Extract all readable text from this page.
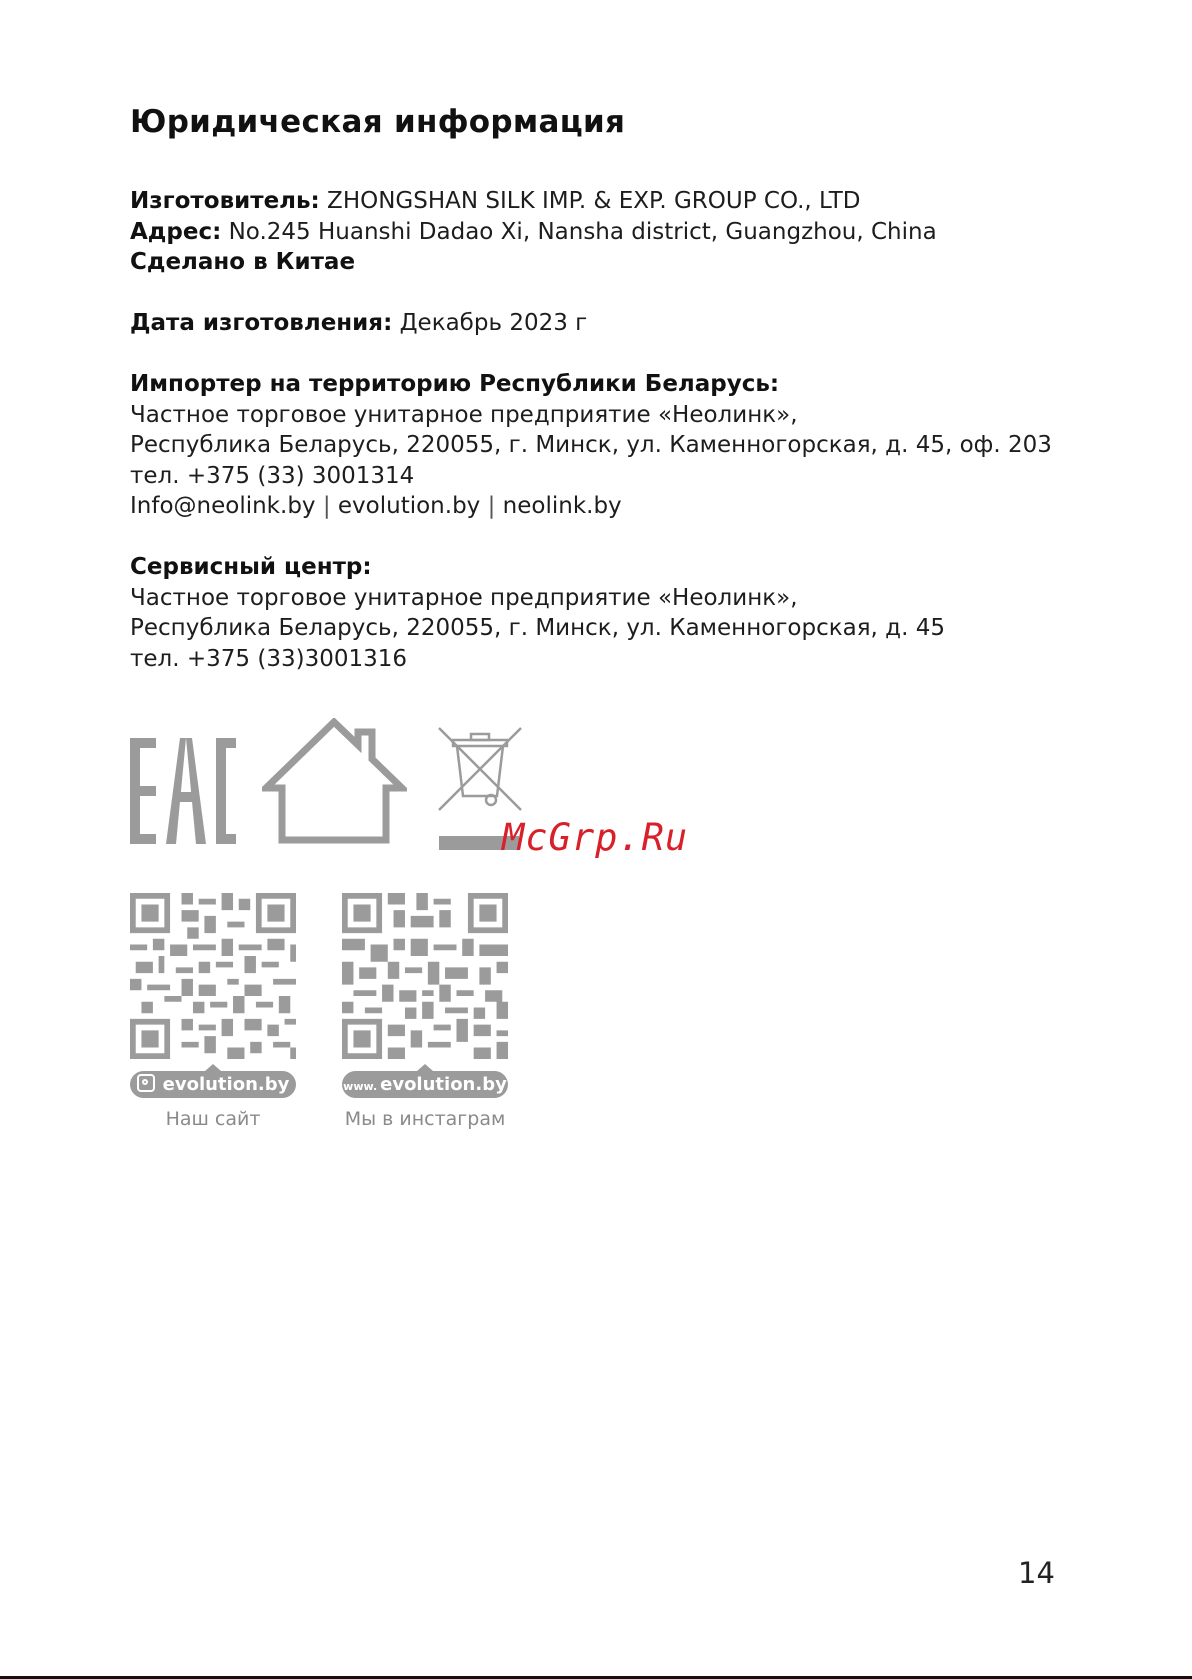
Юридическая информация
Изготовитель: ZHONGSHAN SILK IMP. & EXP. GROUP CO., LTD
Адрес: No.245 Huanshi Dadao Xi, Nansha district, Guangzhou, China
Сделано в Китае
Дата изготовления: Декабрь 2023 г
Импортер на территорию Республики Беларусь:
Частное торговое унитарное предприятие «Неолинк»,
Республика Беларусь, 220055, г. Минск, ул. Каменногорская, д. 45, оф. 203
тел. +375 (33) 3001314
Info@neolink.by | evolution.by | neolink.by
Сервисный центр:
Частное торговое унитарное предприятие «Неолинк»,
Республика Беларусь, 220055, г. Минск, ул. Каменногорская, д. 45
тел. +375 (33)3001316
McGrp.Ru
evolution.by
Наш сайт
www. evolution.by
Мы в инстаграм
14
